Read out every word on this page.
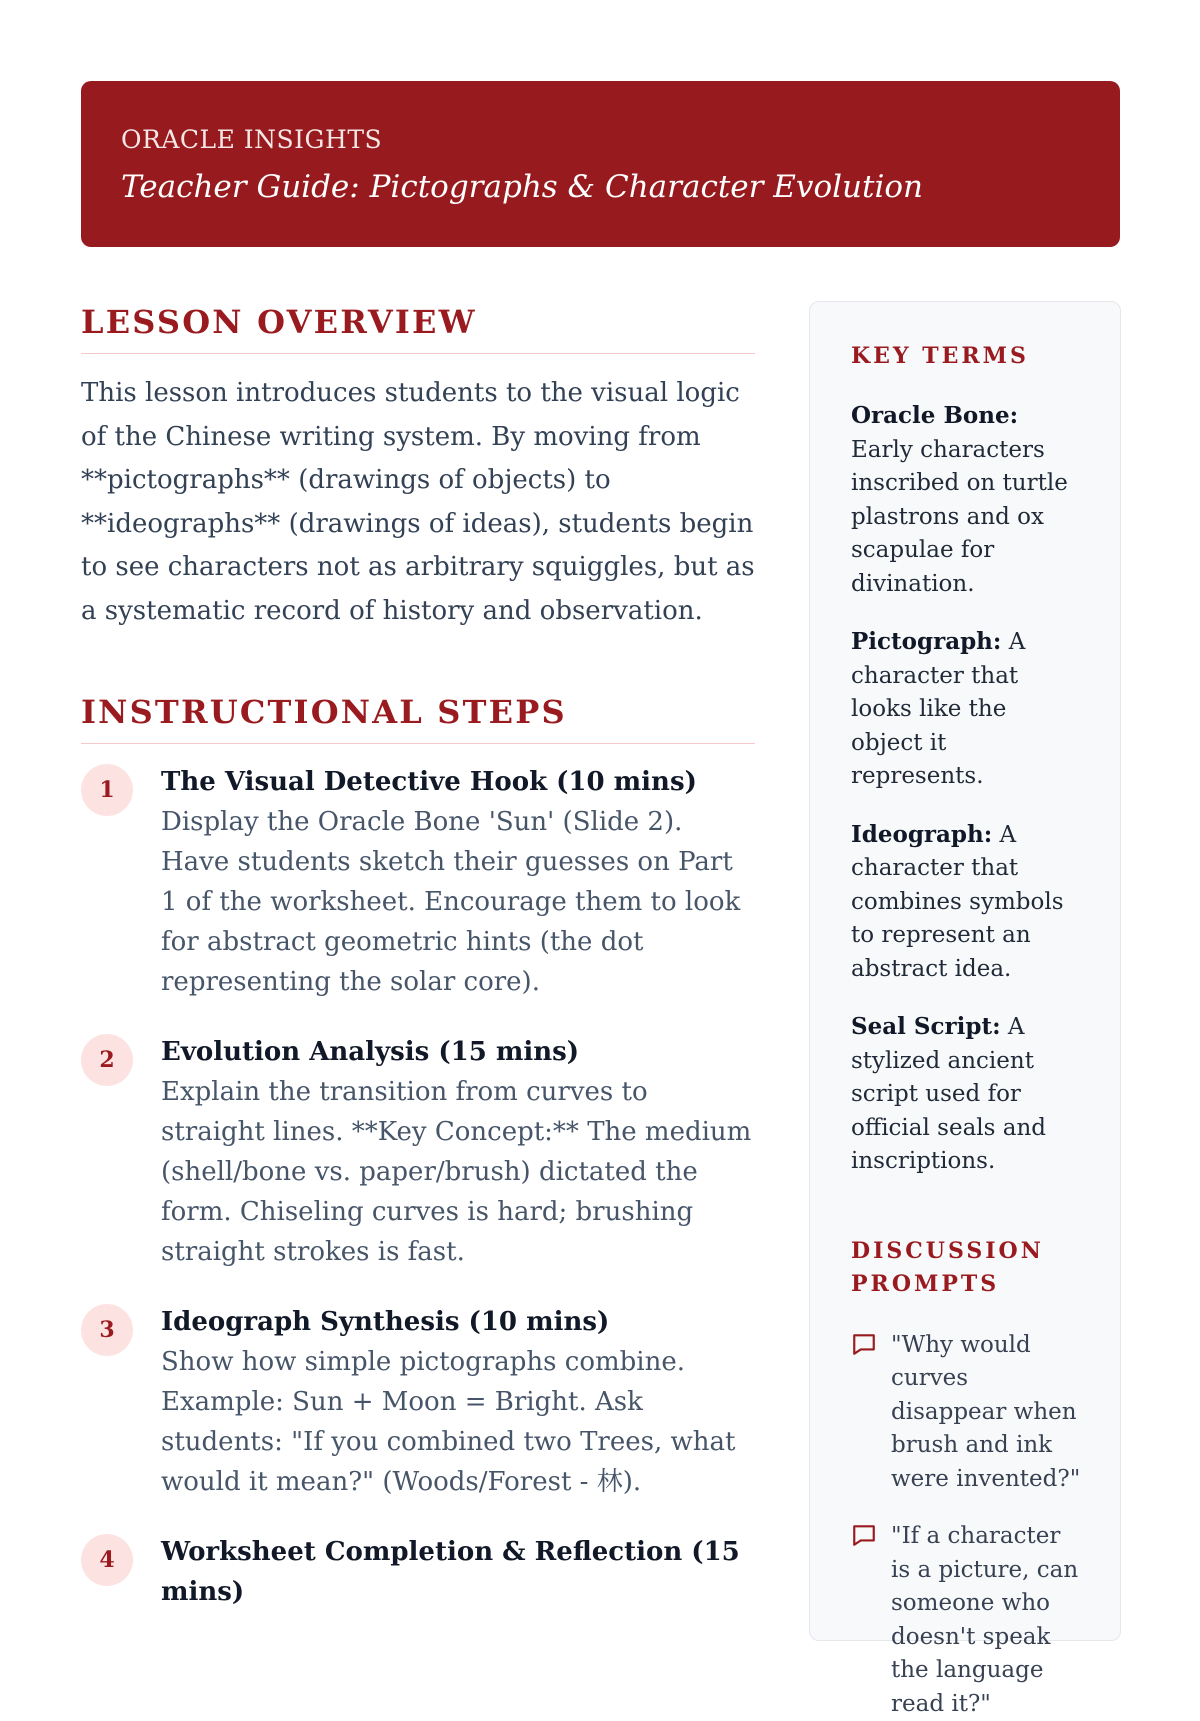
ORACLE INSIGHTS
Teacher Guide: Pictographs & Character Evolution
LESSON OVERVIEW

This lesson introduces students to the visual logic of the Chinese writing system. By moving from **pictographs** (drawings of objects) to **ideographs** (drawings of ideas), students begin to see characters not as arbitrary squiggles, but as a systematic record of history and observation.

INSTRUCTIONAL STEPS
1	The Visual Detective Hook (10 mins)
Display the Oracle Bone 'Sun' (Slide 2). Have students sketch their guesses on Part 1 of the worksheet. Encourage them to look for abstract geometric hints (the dot representing the solar core).
2	Evolution Analysis (15 mins)
Explain the transition from curves to straight lines. **Key Concept:** The medium (shell/bone vs. paper/brush) dictated the form. Chiseling curves is hard; brushing straight strokes is fast.
3	Ideograph Synthesis (10 mins)
Show how simple pictographs combine. Example: Sun + Moon = Bright. Ask students: "If you combined two Trees, what would it mean?" (Woods/Forest - 林).
4	Worksheet Completion & Reflection (15 mins)
KEY TERMS

Oracle Bone: Early characters inscribed on turtle plastrons and ox scapulae for divination.

Pictograph: A character that looks like the object it represents.

Ideograph: A character that combines symbols to represent an abstract idea.

Seal Script: A stylized ancient script used for official seals and inscriptions.

DISCUSSION PROMPTS
"Why would curves disappear when brush and ink were invented?"
"If a character is a picture, can someone who doesn't speak the language read it?"
